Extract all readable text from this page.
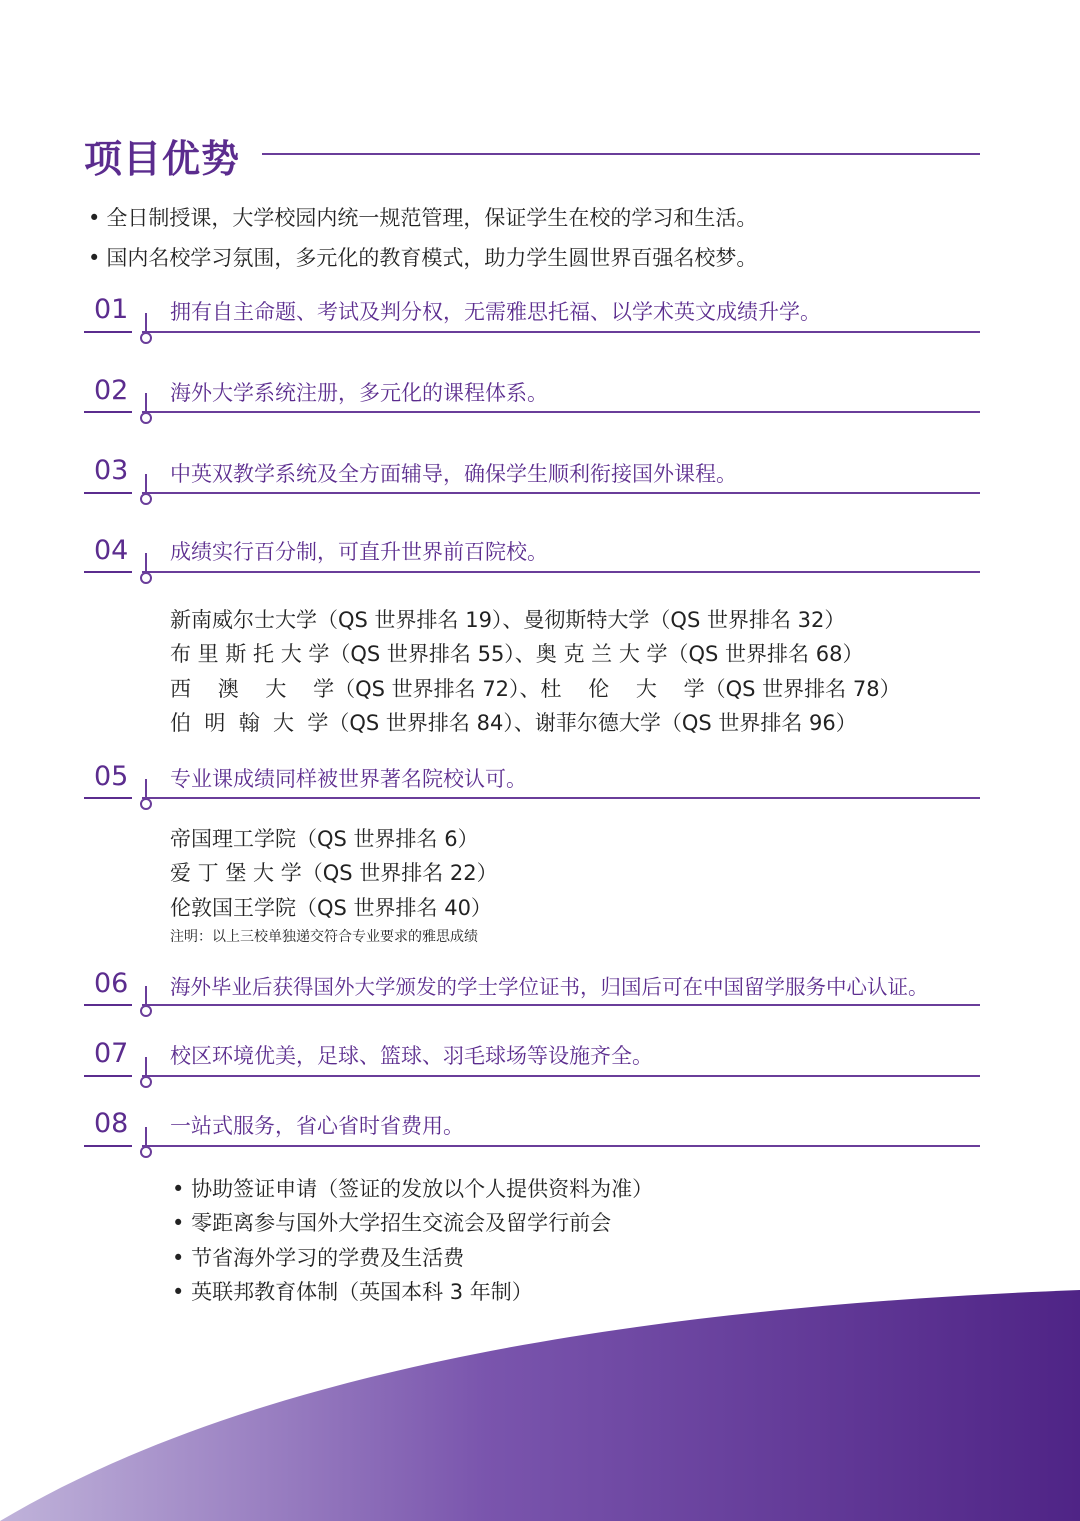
项目优势
• 全日制授课，大学校园内统一规范管理，保证学生在校的学习和生活。
• 国内名校学习氛围，多元化的教育模式，助力学生圆世界百强名校梦。
01 拥有自主命题、考试及判分权，无需雅思托福、以学术英文成绩升学。
02 海外大学系统注册，多元化的课程体系。
03 中英双教学系统及全方面辅导，确保学生顺利衔接国外课程。
04 成绩实行百分制，可直升世界前百院校。
新南威尔士大学（QS 世界排名 19）、曼彻斯特大学（QS 世界排名 32）
布 里 斯 托 大 学（QS 世界排名 55）、奥 克 兰 大 学（QS 世界排名 68）
西    澳    大    学（QS 世界排名 72）、杜    伦    大    学（QS 世界排名 78）
伯  明  翰  大  学（QS 世界排名 84）、谢菲尔德大学（QS 世界排名 96）
05 专业课成绩同样被世界著名院校认可。
帝国理工学院（QS 世界排名 6）
爱 丁 堡 大 学（QS 世界排名 22）
伦敦国王学院（QS 世界排名 40）
注明：以上三校单独递交符合专业要求的雅思成绩
06 海外毕业后获得国外大学颁发的学士学位证书，归国后可在中国留学服务中心认证。
07 校区环境优美，足球、篮球、羽毛球场等设施齐全。
08 一站式服务，省心省时省费用。
• 协助签证申请（签证的发放以个人提供资料为准）
• 零距离参与国外大学招生交流会及留学行前会
• 节省海外学习的学费及生活费
• 英联邦教育体制（英国本科 3 年制）
